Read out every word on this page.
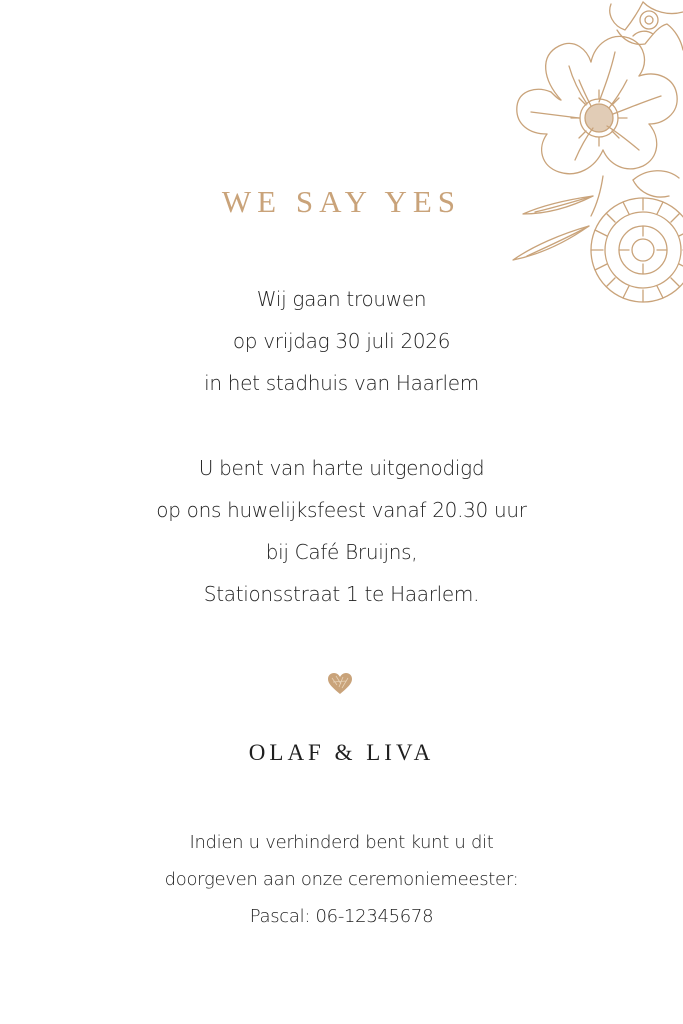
WE SAY YES
Wij gaan trouwen
op vrijdag 30 juli 2026
in het stadhuis van Haarlem
U bent van harte uitgenodigd
op ons huwelijksfeest vanaf 20.30 uur
bij Café Bruijns,
Stationsstraat 1 te Haarlem.
OLAF & LIVA
Indien u verhinderd bent kunt u dit
doorgeven aan onze ceremoniemeester:
Pascal: 06-12345678
